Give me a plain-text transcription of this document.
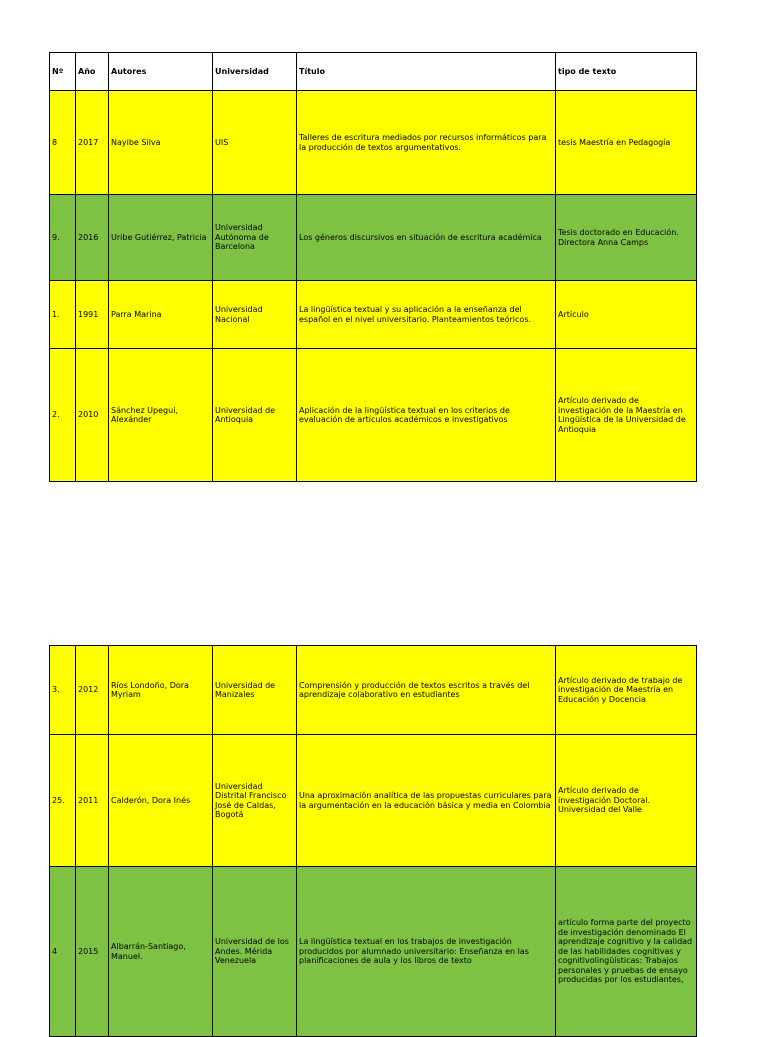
Nº	Año	Autores	Universidad	Título	tipo de texto
8	2017	Nayibe Silva	UIS	Talleres de escritura mediados por recursos informáticos para la producción de textos argumentativos.	tesis Maestría en Pedagogía
9.	2016	Uribe Gutiérrez, Patricia	Universidad Autónoma de Barcelona	Los géneros discursivos en situación de escritura académica	Tesis doctorado en Educación. Directora Anna Camps
1.	1991	Parra Marina	Universidad Nacional	La lingüística textual y su aplicación a la enseñanza del español en el nivel universitario. Planteamientos teóricos.	Artículo
2.	2010	Sánchez Upegui, Alexánder	Universidad de Antioquia	Aplicación de la lingüística textual en los criterios de evaluación de artículos académicos e investigativos	Artículo derivado de investigación de la Maestría en Lingüística de la Universidad de Antioquia
3.	2012	Ríos Londoño, Dora Myriam	Universidad de Manizales	Comprensión y producción de textos escritos a través del aprendizaje colaborativo en estudiantes	Artículo derivado de trabajo de investigación de Maestría en Educación y Docencia
25.	2011	Calderón, Dora Inés	Universidad Distrital Francisco José de Caldas, Bogotá	Una aproximación analítica de las propuestas curriculares para la argumentación en la educación básica y media en Colombia	Artículo derivado de investigación Doctoral. Universidad del Valle
4	2015	Albarrán-Santiago, Manuel.	Universidad de los Andes. Mérida Venezuela	La lingüística textual en los trabajos de investigación producidos por alumnado universitario: Enseñanza en las planificaciones de aula y los libros de texto	artículo forma parte del proyecto de investigación denominado El aprendizaje cognitivo y la calidad de las habilidades cognitivas y cognitivolingüísticas: Trabajos personales y pruebas de ensayo producidas por los estudiantes,
